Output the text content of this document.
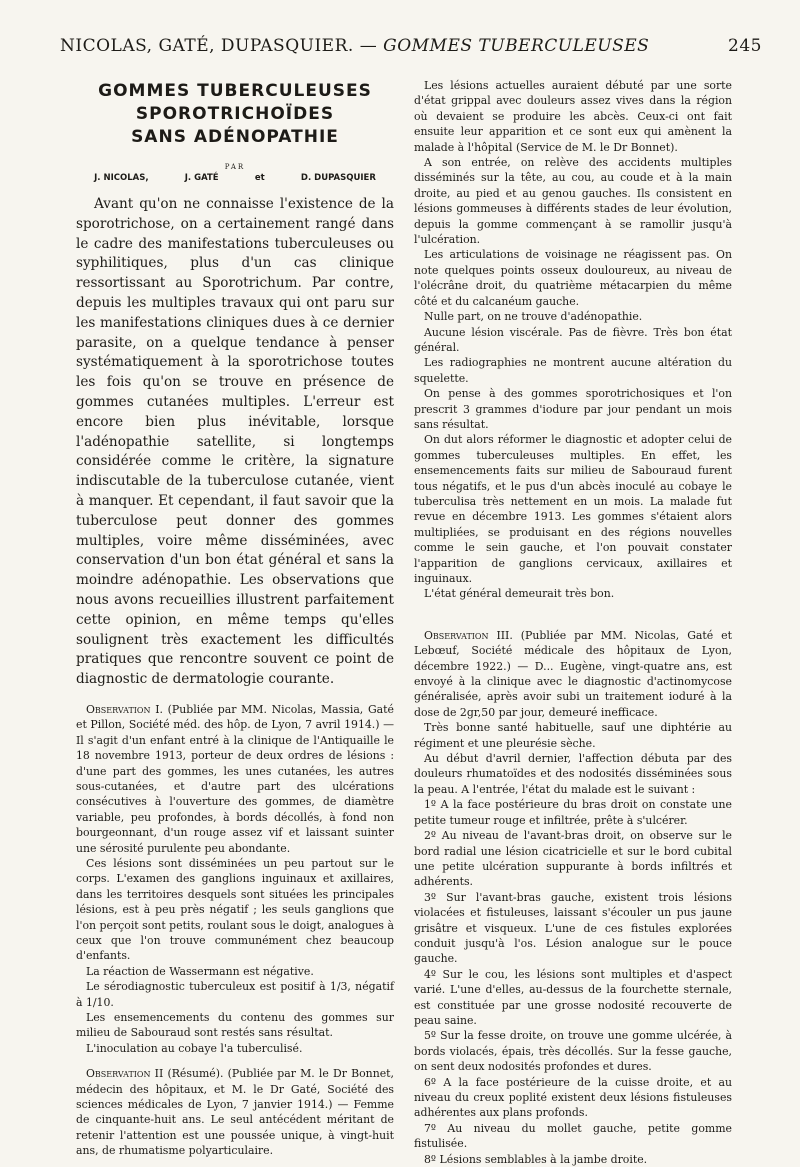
NICOLAS, GATÉ, DUPASQUIER. — GOMMES TUBERCULEUSES	245
GOMMES TUBERCULEUSES
SPOROTRICHOÏDES
SANS ADÉNOPATHIE
PAR
J. NICOLAS,	J. GATÉ	et	D. DUPASQUIER

Avant qu'on ne connaisse l'existence de la sporotrichose, on a certainement rangé dans le cadre des manifestations tuberculeuses ou syphilitiques, plus d'un cas clinique ressortissant au Sporotrichum. Par contre, depuis les multiples travaux qui ont paru sur les manifestations cliniques dues à ce dernier parasite, on a quelque tendance à penser systématiquement à la sporotrichose toutes les fois qu'on se trouve en présence de gommes cutanées multiples. L'erreur est encore bien plus inévitable, lorsque l'adénopathie satellite, si longtemps considérée comme le critère, la signature indiscutable de la tuberculose cutanée, vient à manquer. Et cependant, il faut savoir que la tuberculose peut donner des gommes multiples, voire même disséminées, avec conservation d'un bon état général et sans la moindre adénopathie. Les observations que nous avons recueillies illustrent parfaitement cette opinion, en même temps qu'elles soulignent très exactement les difficultés pratiques que rencontre souvent ce point de diagnostic de dermatologie courante.

Observation I. (Publiée par MM. Nicolas, Massia, Gaté et Pillon, Société méd. des hôp. de Lyon, 7 avril 1914.) — Il s'agit d'un enfant entré à la clinique de l'Antiquaille le 18 novembre 1913, porteur de deux ordres de lésions : d'une part des gommes, les unes cutanées, les autres sous-cutanées, et d'autre part des ulcérations consécutives à l'ouverture des gommes, de diamètre variable, peu profondes, à bords décollés, à fond non bourgeonnant, d'un rouge assez vif et laissant suinter une sérosité purulente peu abondante.

Ces lésions sont disséminées un peu partout sur le corps. L'examen des ganglions inguinaux et axillaires, dans les territoires desquels sont situées les principales lésions, est à peu près négatif ; les seuls ganglions que l'on perçoit sont petits, roulant sous le doigt, analogues à ceux que l'on trouve communément chez beaucoup d'enfants.

La réaction de Wassermann est négative.

Le sérodiagnostic tuberculeux est positif à 1/3, négatif à 1/10.

Les ensemencements du contenu des gommes sur milieu de Sabouraud sont restés sans résultat.

L'inoculation au cobaye l'a tuberculisé.

Observation II (Résumé). (Publiée par M. le Dr Bonnet, médecin des hôpitaux, et M. le Dr Gaté, Société des sciences médicales de Lyon, 7 janvier 1914.) — Femme de cinquante-huit ans. Le seul antécédent méritant de retenir l'attention est une poussée unique, à vingt-huit ans, de rhumatisme polyarticulaire.

Les lésions actuelles auraient débuté par une sorte d'état grippal avec douleurs assez vives dans la région où devaient se produire les abcès. Ceux-ci ont fait ensuite leur apparition et ce sont eux qui amènent la malade à l'hôpital (Service de M. le Dr Bonnet).

A son entrée, on relève des accidents multiples disséminés sur la tête, au cou, au coude et à la main droite, au pied et au genou gauches. Ils consistent en lésions gommeuses à différents stades de leur évolution, depuis la gomme commençant à se ramollir jusqu'à l'ulcération.

Les articulations de voisinage ne réagissent pas. On note quelques points osseux douloureux, au niveau de l'olécrâne droit, du quatrième métacarpien du même côté et du calcanéum gauche.

Nulle part, on ne trouve d'adénopathie.

Aucune lésion viscérale. Pas de fièvre. Très bon état général.

Les radiographies ne montrent aucune altération du squelette.

On pense à des gommes sporotrichosiques et l'on prescrit 3 grammes d'iodure par jour pendant un mois sans résultat.

On dut alors réformer le diagnostic et adopter celui de gommes tuberculeuses multiples. En effet, les ensemencements faits sur milieu de Sabouraud furent tous négatifs, et le pus d'un abcès inoculé au cobaye le tuberculisa très nettement en un mois. La malade fut revue en décembre 1913. Les gommes s'étaient alors multipliées, se produisant en des régions nouvelles comme le sein gauche, et l'on pouvait constater l'apparition de ganglions cervicaux, axillaires et inguinaux.

L'état général demeurait très bon.

Observation III. (Publiée par MM. Nicolas, Gaté et Lebœuf, Société médicale des hôpitaux de Lyon, décembre 1922.) — D... Eugène, vingt-quatre ans, est envoyé à la clinique avec le diagnostic d'actinomycose généralisée, après avoir subi un traitement ioduré à la dose de 2gr,50 par jour, demeuré inefficace.

Très bonne santé habituelle, sauf une diphtérie au régiment et une pleurésie sèche.

Au début d'avril dernier, l'affection débuta par des douleurs rhumatoïdes et des nodosités disséminées sous la peau. A l'entrée, l'état du malade est le suivant :

1º A la face postérieure du bras droit on constate une petite tumeur rouge et infiltrée, prête à s'ulcérer.

2º Au niveau de l'avant-bras droit, on observe sur le bord radial une lésion cicatricielle et sur le bord cubital une petite ulcération suppurante à bords infiltrés et adhérents.

3º Sur l'avant-bras gauche, existent trois lésions violacées et fistuleuses, laissant s'écouler un pus jaune grisâtre et visqueux. L'une de ces fistules explorées conduit jusqu'à l'os. Lésion analogue sur le pouce gauche.

4º Sur le cou, les lésions sont multiples et d'aspect varié. L'une d'elles, au-dessus de la fourchette sternale, est constituée par une grosse nodosité recouverte de peau saine.

5º Sur la fesse droite, on trouve une gomme ulcérée, à bords violacés, épais, très décollés. Sur la fesse gauche, on sent deux nodosités profondes et dures.

6º A la face postérieure de la cuisse droite, et au niveau du creux poplité existent deux lésions fistuleuses adhérentes aux plans profonds.

7º Au niveau du mollet gauche, petite gomme fistulisée.

8º Lésions semblables à la jambe droite.
